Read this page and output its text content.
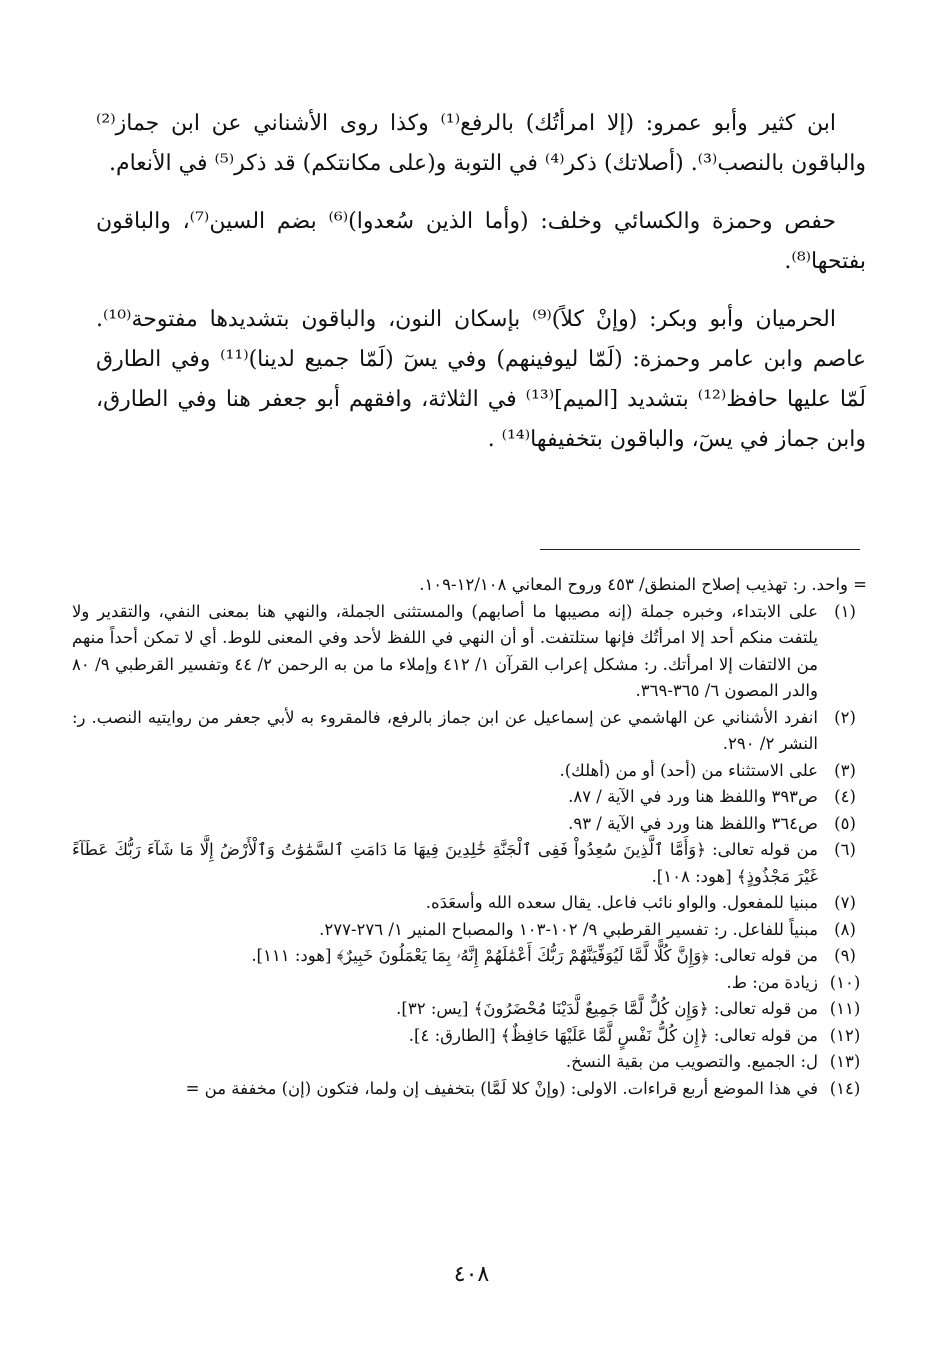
ابن كثير وأبو عمرو: (إلا امرأتُك) بالرفع⁽¹⁾ وكذا روى الأشناني عن ابن جماز⁽²⁾ والباقون بالنصب⁽³⁾. (أصلاتك) ذكر⁽⁴⁾ في التوبة و(على مكانتكم) قد ذكر⁽⁵⁾ في الأنعام.

حفص وحمزة والكسائي وخلف: (وأما الذين سُعدوا)⁽⁶⁾ بضم السين⁽⁷⁾، والباقون بفتحها⁽⁸⁾.

الحرميان وأبو وبكر: (وإنْ كلاً)⁽⁹⁾ بإسكان النون، والباقون بتشديدها مفتوحة⁽¹⁰⁾. عاصم وابن عامر وحمزة: (لَمّا ليوفينهم) وفي يسٓ (لَمّا جميع لدينا)⁽¹¹⁾ وفي الطارق لَمّا عليها حافظ⁽¹²⁾ بتشديد [الميم]⁽¹³⁾ في الثلاثة، وافقهم أبو جعفر هنا وفي الطارق، وابن جماز في يسٓ، والباقون بتخفيفها⁽¹⁴⁾ .

=
واحد. ر: تهذيب إصلاح المنطق/ ٤٥٣ وروح المعاني ١٢/١٠٨-١٠٩.
(١)
على الابتداء، وخبره جملة (إنه مصيبها ما أصابهم) والمستثنى الجملة، والنهي هنا بمعنى النفي، والتقدير ولا يلتفت منكم أحد إلا امرأتُك فإنها ستلتفت. أو أن النهي في اللفظ لأحد وفي المعنى للوط. أي لا تمكن أحداً منهم من الالتفات إلا امرأتك. ر: مشكل إعراب القرآن ١/ ٤١٢ وإملاء ما من به الرحمن ٢/ ٤٤ وتفسير القرطبي ٩/ ٨٠ والدر المصون ٦/ ٣٦٥-٣٦٩.
(٢)
انفرد الأشناني عن الهاشمي عن إسماعيل عن ابن جماز بالرفع، فالمقروء به لأبي جعفر من روايتيه النصب. ر: النشر ٢/ ٢٩٠.
(٣)
على الاستثناء من (أحد) أو من (أهلك).
(٤)
ص٣٩٣ واللفظ هنا ورد في الآية / ٨٧.
(٥)
ص٣٦٤ واللفظ هنا ورد في الآية / ٩٣.
(٦)
من قوله تعالى: ﴿وَأَمَّا ٱلَّذِينَ سُعِدُواْ فَفِى ٱلْجَنَّةِ خَٰلِدِينَ فِيهَا مَا دَامَتِ ٱلسَّمَٰوَٰتُ وَٱلْأَرْضُ إِلَّا مَا شَآءَ رَبُّكَ عَطَآءً غَيْرَ مَجْذُوذٍ﴾ [هود: ١٠٨].
(٧)
مبنيا للمفعول. والواو نائب فاعل. يقال سعده الله وأسعَدَه.
(٨)
مبنياً للفاعل. ر: تفسير القرطبي ٩/ ١٠٢-١٠٣ والمصباح المنير ١/ ٢٧٦-٢٧٧.
(٩)
من قوله تعالى: ﴿وَإِنَّ كُلًّا لَّمَّا لَيُوَفِّيَنَّهُمْ رَبُّكَ أَعْمَٰلَهُمْ إِنَّهُۥ بِمَا يَعْمَلُونَ خَبِيرٌ﴾ [هود: ١١١].
(١٠)
زيادة من: ط.
(١١)
من قوله تعالى: ﴿وَإِن كُلٌّ لَّمَّا جَمِيعٌ لَّدَيْنَا مُحْضَرُونَ﴾ [يس: ٣٢].
(١٢)
من قوله تعالى: ﴿إِن كُلُّ نَفْسٍ لَّمَّا عَلَيْهَا حَافِظٌ﴾ [الطارق: ٤].
(١٣)
ل: الجميع. والتصويب من بقية النسخ.
(١٤)
في هذا الموضع أربع قراءات. الاولى: (وإنْ كلا لَمَّا) بتخفيف إن ولما، فتكون (إن) مخففة من =
٤٠٨
